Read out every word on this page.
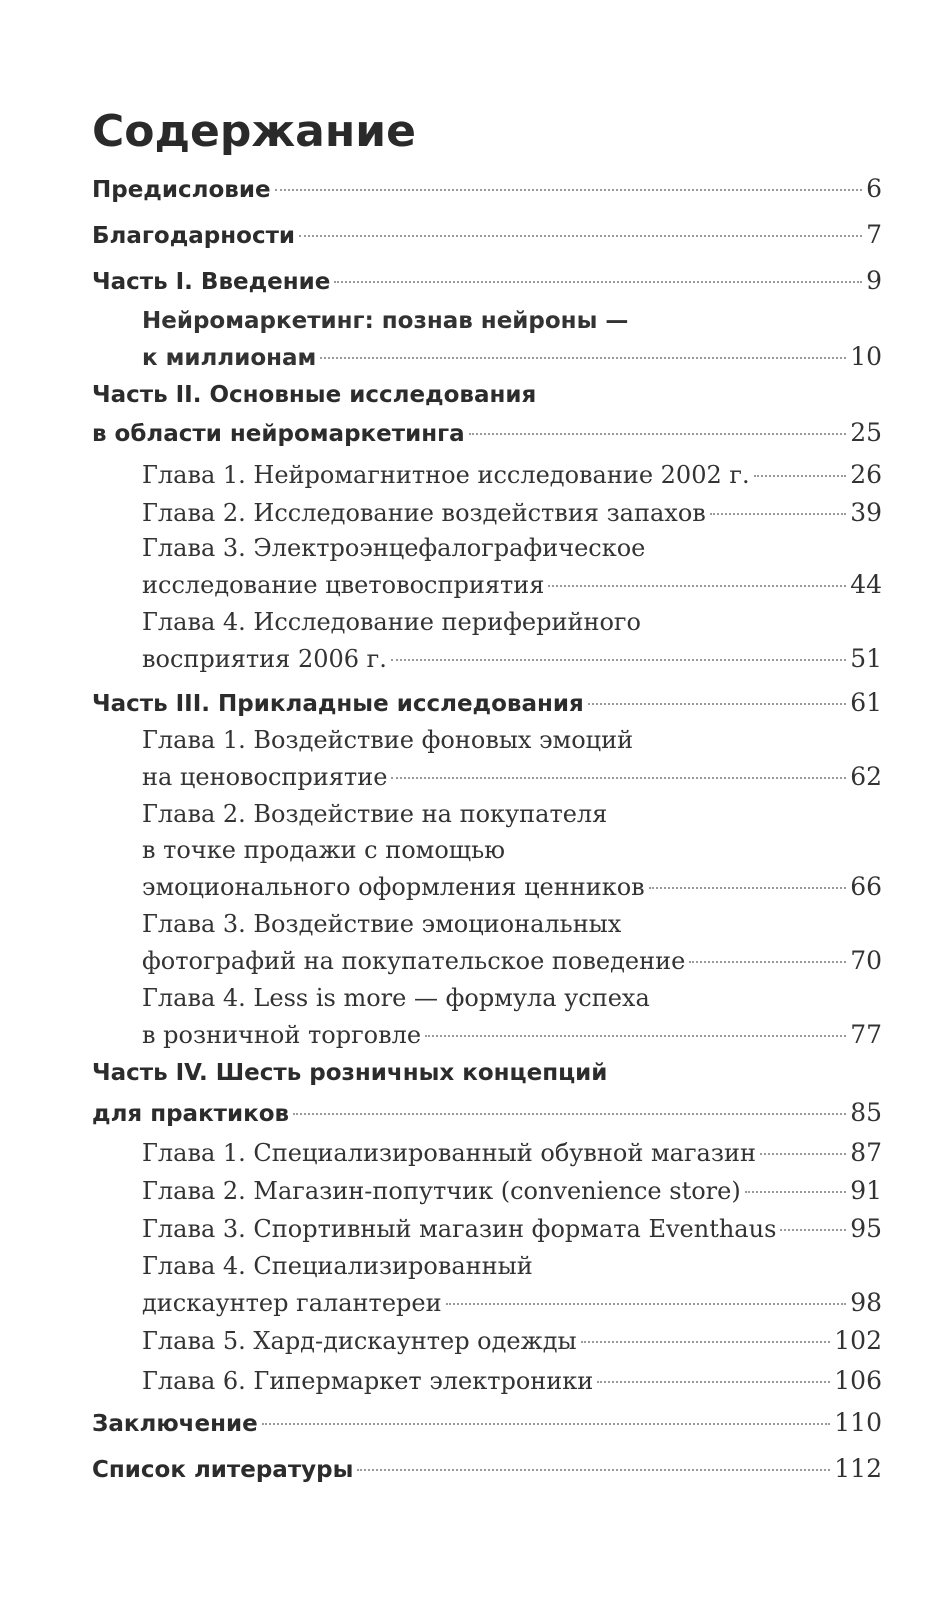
Содержание
Предисловие	6
Благодарности	7
Часть I. Введение	9
Нейромаркетинг: познав нейроны —
к миллионам	10
Часть II. Основные исследования
в области нейромаркетинга	25
Глава 1. Нейромагнитное исследование 2002 г.	26
Глава 2. Исследование воздействия запахов	39
Глава 3. Электроэнцефалографическое
исследование цветовосприятия	44
Глава 4. Исследование периферийного
восприятия 2006 г.	51
Часть III. Прикладные исследования	61
Глава 1. Воздействие фоновых эмоций
на ценовосприятие	62
Глава 2. Воздействие на покупателя
в точке продажи с помощью
эмоционального оформления ценников	66
Глава 3. Воздействие эмоциональных
фотографий на покупательское поведение	70
Глава 4. Less is more — формула успеха
в розничной торговле	77
Часть IV. Шесть розничных концепций
для практиков	85
Глава 1. Специализированный обувной магазин	87
Глава 2. Магазин-попутчик (convenience store)	91
Глава 3. Спортивный магазин формата Eventhaus	95
Глава 4. Специализированный
дискаунтер галантереи	98
Глава 5. Хард-дискаунтер одежды	102
Глава 6. Гипермаркет электроники	106
Заключение	110
Список литературы	112
